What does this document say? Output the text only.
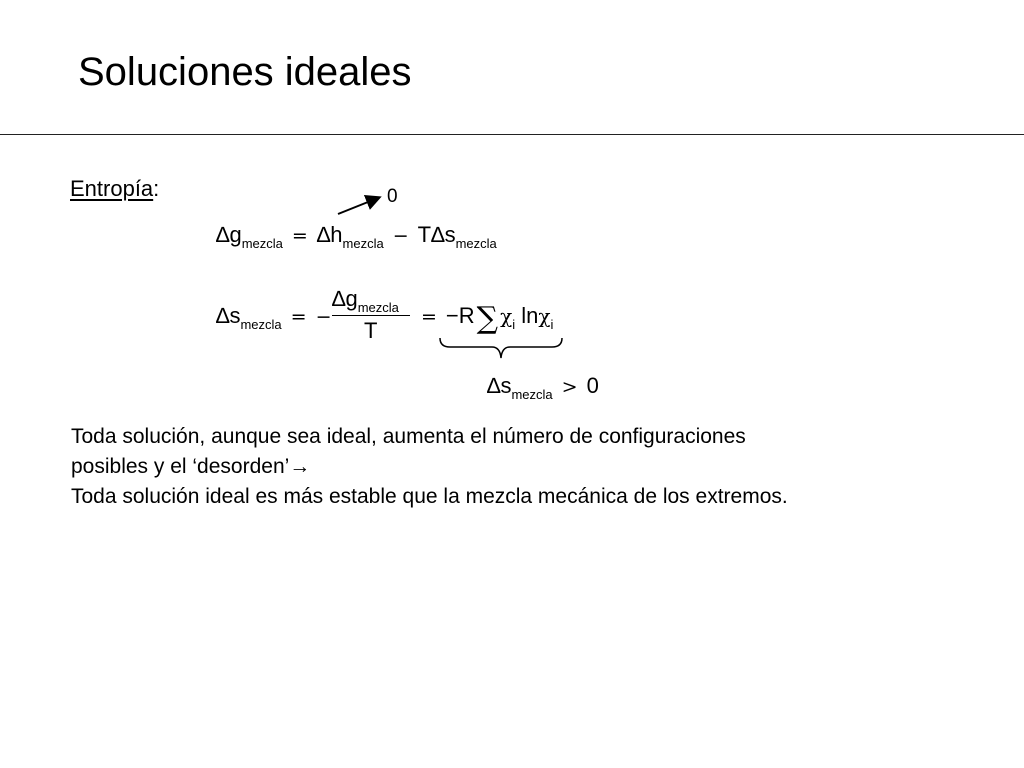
Soluciones ideales
Entropía:	0
$\Delta g_{mezcla} = \Delta h_{mezcla} - T\Delta s_{mezcla}$
$\Delta s_{mezcla}$ = −
$\Delta g_{mezcla}$
T
= −R∑ $\chi_i$ lnχ$_i$
$\Delta s_{mezcla} > 0$
Toda solución, aunque sea ideal, aumenta el número de configuraciones
posibles y el ‘desorden’→
Toda solución ideal es más estable que la mezcla mecánica de los extremos.
